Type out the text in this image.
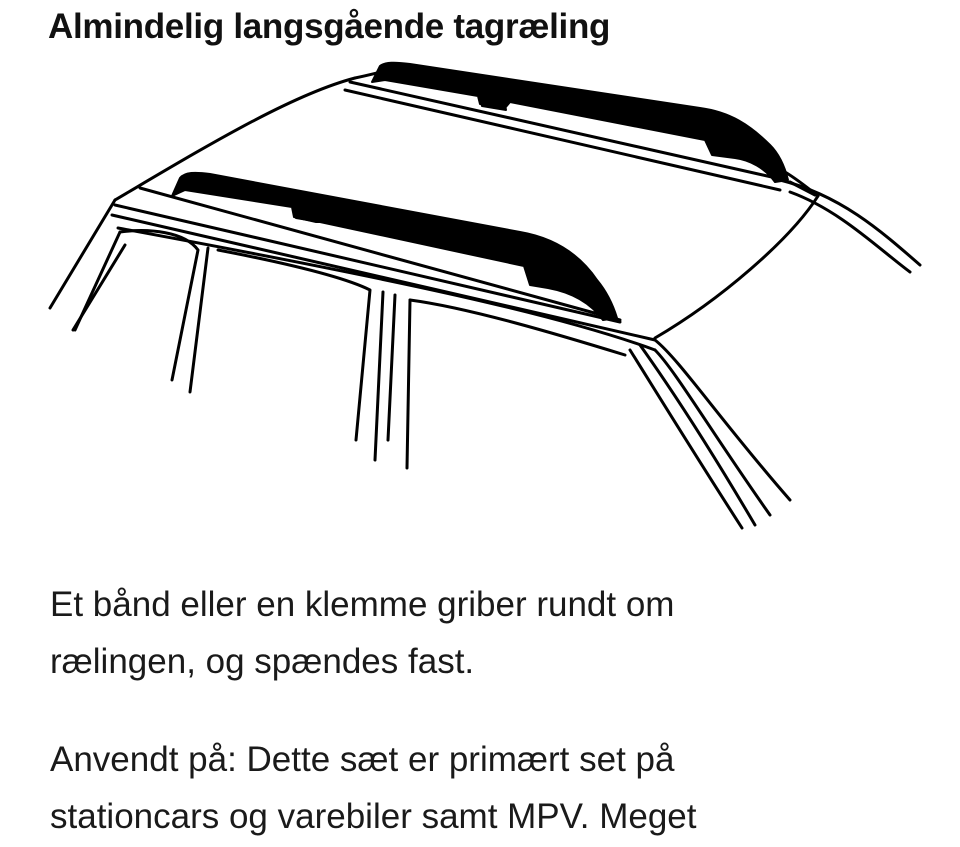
Almindelig langsgående tagræling

Et bånd eller en klemme griber rundt om
rælingen, og spændes fast.

Anvendt på: Dette sæt er primært set på
stationcars og varebiler samt MPV. Meget
